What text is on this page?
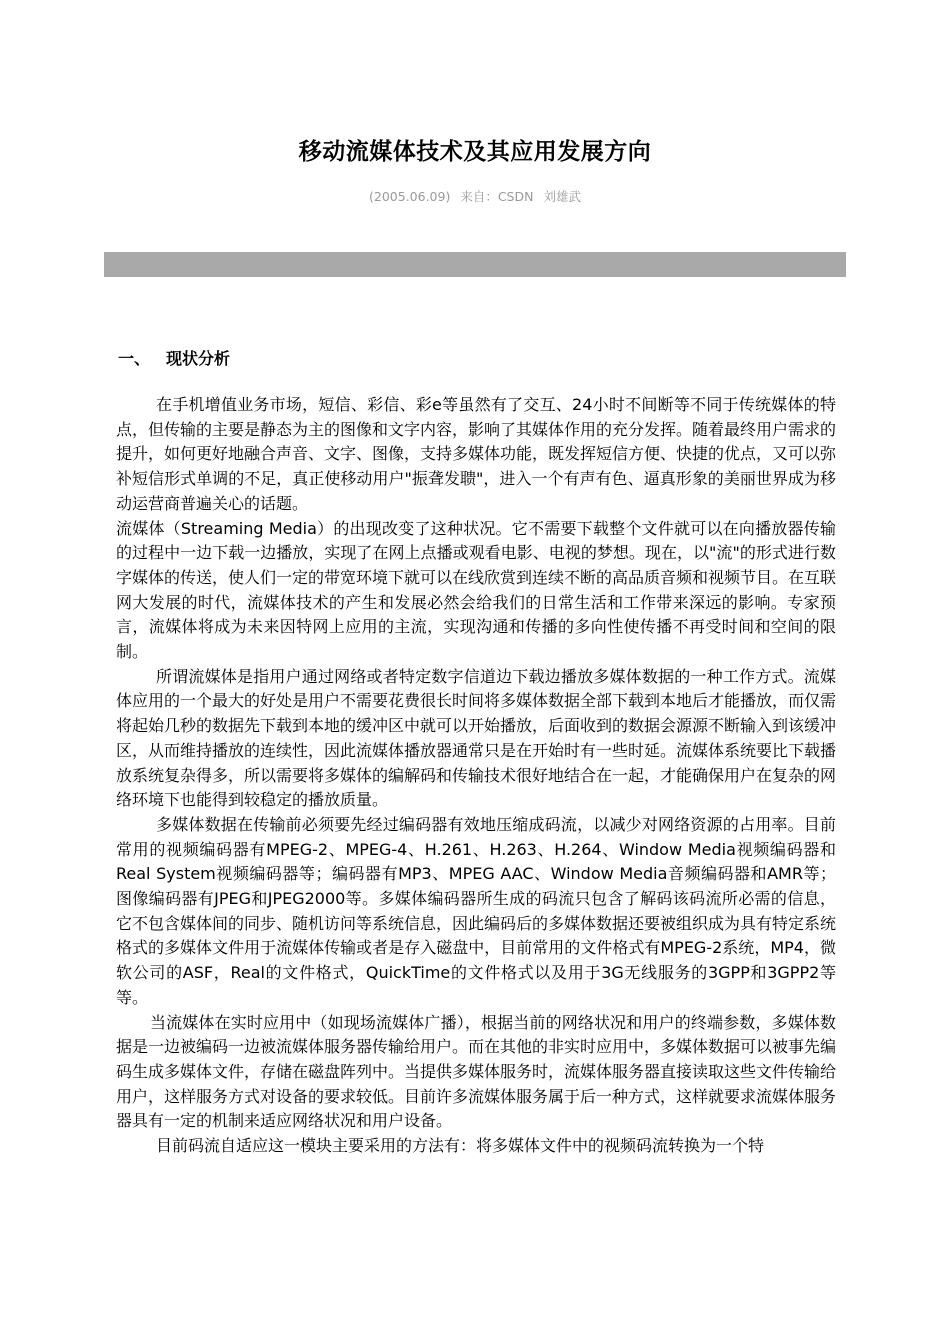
移动流媒体技术及其应用发展方向
(2005.06.09) 来自：CSDN 刘雄武
一、 现状分析

在手机增值业务市场，短信、彩信、彩e等虽然有了交互、24小时不间断等不同于传统媒体的特点，但传输的主要是静态为主的图像和文字内容，影响了其媒体作用的充分发挥。随着最终用户需求的提升，如何更好地融合声音、文字、图像，支持多媒体功能，既发挥短信方便、快捷的优点，又可以弥补短信形式单调的不足，真正使移动用户"振聋发聩"，进入一个有声有色、逼真形象的美丽世界成为移动运营商普遍关心的话题。

流媒体（Streaming Media）的出现改变了这种状况。它不需要下载整个文件就可以在向播放器传输的过程中一边下载一边播放，实现了在网上点播或观看电影、电视的梦想。现在，以"流"的形式进行数字媒体的传送，使人们一定的带宽环境下就可以在线欣赏到连续不断的高品质音频和视频节目。在互联网大发展的时代，流媒体技术的产生和发展必然会给我们的日常生活和工作带来深远的影响。专家预言，流媒体将成为未来因特网上应用的主流，实现沟通和传播的多向性使传播不再受时间和空间的限制。

所谓流媒体是指用户通过网络或者特定数字信道边下载边播放多媒体数据的一种工作方式。流媒体应用的一个最大的好处是用户不需要花费很长时间将多媒体数据全部下载到本地后才能播放，而仅需将起始几秒的数据先下载到本地的缓冲区中就可以开始播放，后面收到的数据会源源不断输入到该缓冲区，从而维持播放的连续性，因此流媒体播放器通常只是在开始时有一些时延。流媒体系统要比下载播放系统复杂得多，所以需要将多媒体的编解码和传输技术很好地结合在一起，才能确保用户在复杂的网络环境下也能得到较稳定的播放质量。

多媒体数据在传输前必须要先经过编码器有效地压缩成码流，以减少对网络资源的占用率。目前常用的视频编码器有MPEG-2、MPEG-4、H.261、H.263、H.264、Window Media视频编码器和Real System视频编码器等；编码器有MP3、MPEG AAC、Window Media音频编码器和AMR等；图像编码器有JPEG和JPEG2000等。多媒体编码器所生成的码流只包含了解码该码流所必需的信息，它不包含媒体间的同步、随机访问等系统信息，因此编码后的多媒体数据还要被组织成为具有特定系统格式的多媒体文件用于流媒体传输或者是存入磁盘中，目前常用的文件格式有MPEG-2系统，MP4，微软公司的ASF，Real的文件格式，QuickTime的文件格式以及用于3G无线服务的3GPP和3GPP2等等。

当流媒体在实时应用中（如现场流媒体广播），根据当前的网络状况和用户的终端参数，多媒体数据是一边被编码一边被流媒体服务器传输给用户。而在其他的非实时应用中，多媒体数据可以被事先编码生成多媒体文件，存储在磁盘阵列中。当提供多媒体服务时，流媒体服务器直接读取这些文件传输给用户，这样服务方式对设备的要求较低。目前许多流媒体服务属于后一种方式，这样就要求流媒体服务器具有一定的机制来适应网络状况和用户设备。

目前码流自适应这一模块主要采用的方法有：将多媒体文件中的视频码流转换为一个特
